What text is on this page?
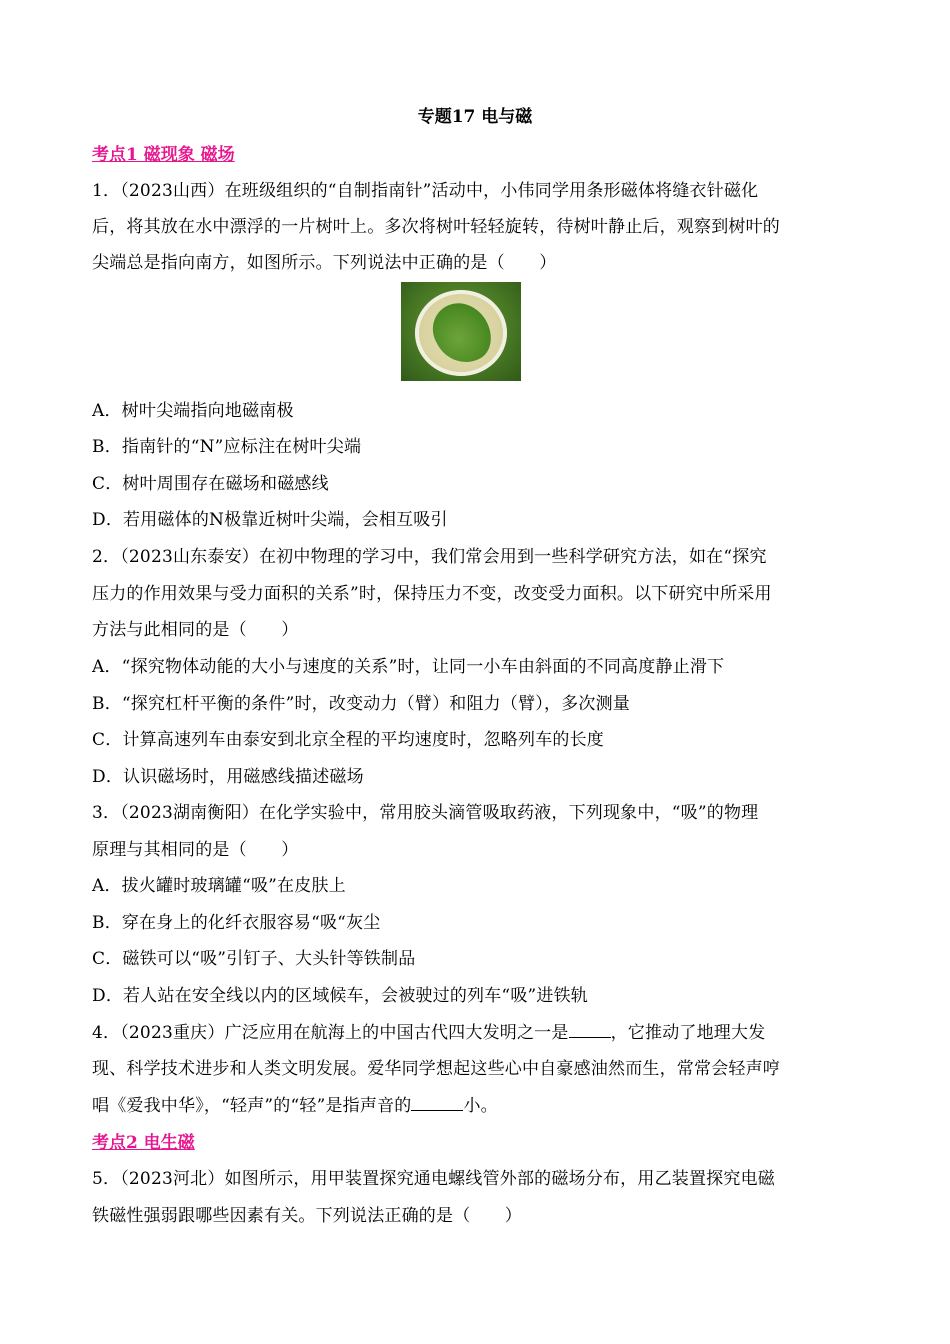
专题17 电与磁
考点1 磁现象 磁场
1．（2023山西）在班级组织的“自制指南针”活动中，小伟同学用条形磁体将缝衣针磁化
后，将其放在水中漂浮的一片树叶上。多次将树叶轻轻旋转，待树叶静止后，观察到树叶的
尖端总是指向南方，如图所示。下列说法中正确的是（　　）
A．树叶尖端指向地磁南极
B．指南针的“N”应标注在树叶尖端
C．树叶周围存在磁场和磁感线
D．若用磁体的N极靠近树叶尖端，会相互吸引
2．（2023山东泰安）在初中物理的学习中，我们常会用到一些科学研究方法，如在“探究
压力的作用效果与受力面积的关系”时，保持压力不变，改变受力面积。以下研究中所采用
方法与此相同的是（　　）
A．“探究物体动能的大小与速度的关系”时，让同一小车由斜面的不同高度静止滑下
B．“探究杠杆平衡的条件”时，改变动力（臂）和阻力（臂），多次测量
C．计算高速列车由泰安到北京全程的平均速度时，忽略列车的长度
D．认识磁场时，用磁感线描述磁场
3．（2023湖南衡阳）在化学实验中，常用胶头滴管吸取药液，下列现象中，“吸”的物理
原理与其相同的是（　　）
A．拔火罐时玻璃罐“吸”在皮肤上
B．穿在身上的化纤衣服容易“吸“灰尘
C．磁铁可以“吸”引钉子、大头针等铁制品
D．若人站在安全线以内的区域候车，会被驶过的列车“吸”进铁轨
4．（2023重庆）广泛应用在航海上的中国古代四大发明之一是 ，它推动了地理大发
现、科学技术进步和人类文明发展。爱华同学想起这些心中自豪感油然而生，常常会轻声哼
唱《爱我中华》，“轻声”的“轻”是指声音的	小。
考点2 电生磁
5．（2023河北）如图所示，用甲装置探究通电螺线管外部的磁场分布，用乙装置探究电磁
铁磁性强弱跟哪些因素有关。下列说法正确的是（　　）
